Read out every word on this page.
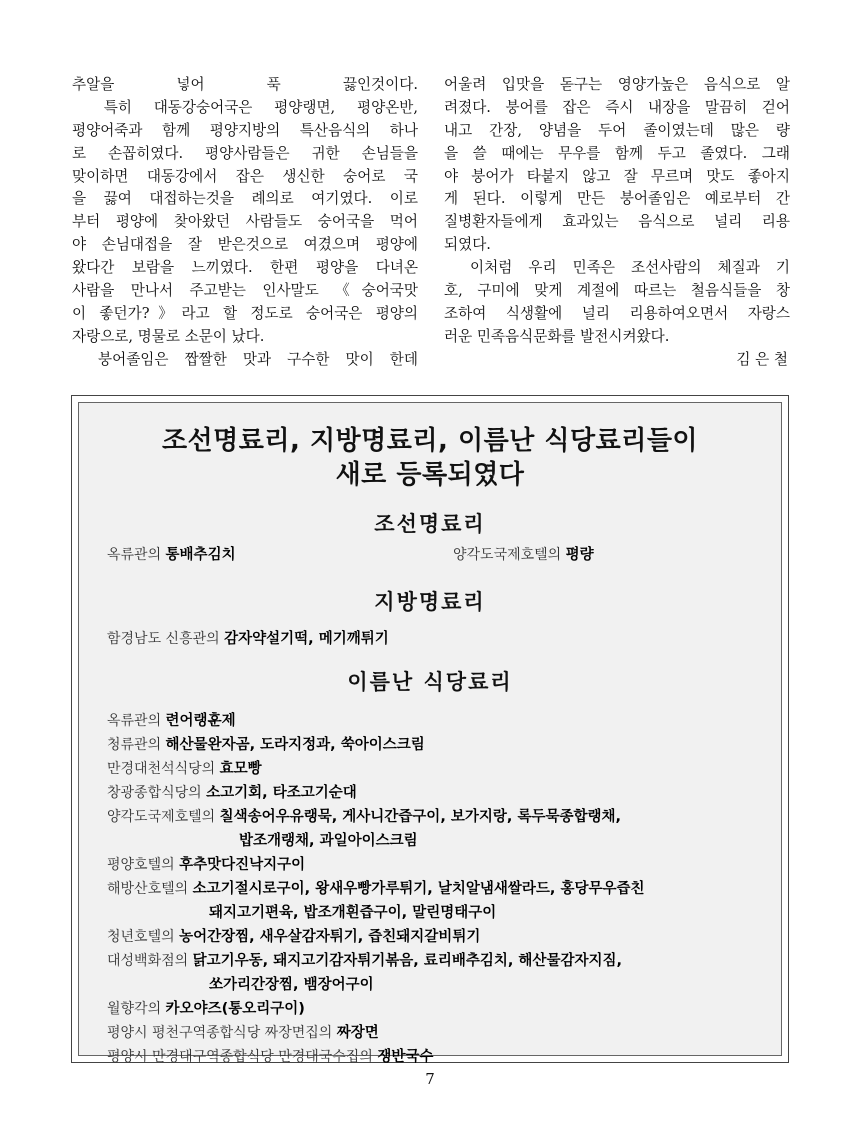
추알을 넣어 푹 끓인것이다.
　특히 대동강숭어국은 평양랭면, 평양온반,
평양어죽과 함께 평양지방의 특산음식의 하나
로 손꼽히였다. 평양사람들은 귀한 손님들을
맞이하면 대동강에서 잡은 생신한 숭어로 국
을 끓여 대접하는것을 례의로 여기였다. 이로
부터 평양에 찾아왔던 사람들도 숭어국을 먹어
야 손님대접을 잘 받은것으로 여겼으며 평양에
왔다간 보람을 느끼였다. 한편 평양을 다녀온
사람을 만나서 주고받는 인사말도 《숭어국맛
이 좋던가?》라고 할 정도로 숭어국은 평양의
자랑으로, 명물로 소문이 났다.
　붕어졸임은 짭짤한 맛과 구수한 맛이 한데
어울려 입맛을 돋구는 영양가높은 음식으로 알
려졌다. 붕어를 잡은 즉시 내장을 말끔히 걷어
내고 간장, 양념을 두어 졸이였는데 많은 량
을 쓸 때에는 무우를 함께 두고 졸였다. 그래
야 붕어가 타붙지 않고 잘 무르며 맛도 좋아지
게 된다. 이렇게 만든 붕어졸임은 예로부터 간
질병환자들에게 효과있는 음식으로 널리 리용
되였다.
　이처럼 우리 민족은 조선사람의 체질과 기
호, 구미에 맞게 계절에 따르는 철음식들을 창
조하여 식생활에 널리 리용하여오면서 자랑스
러운 민족음식문화를 발전시켜왔다.
김 은 철
조선명료리, 지방명료리, 이름난 식당료리들이
새로 등록되였다
조선명료리
옥류관의 통배추김치	양각도국제호텔의 평량
지방명료리
함경남도 신흥관의 감자약설기떡, 메기깨튀기
이름난 식당료리
옥류관의 련어랭훈제
청류관의 해산물완자곰, 도라지정과, 쑥아이스크림
만경대천석식당의 효모빵
창광종합식당의 소고기회, 타조고기순대
양각도국제호텔의 칠색송어우유랭묵, 게사니간즙구이, 보가지랑, 록두묵종합랭채,
밥조개랭채, 과일아이스크림
평양호텔의 후추맛다진낙지구이
해방산호텔의 소고기절시로구이, 왕새우빵가루튀기, 날치알냄새쌀라드, 홍당무우즙친
돼지고기편육, 밥조개흰즙구이, 말린명태구이
청년호텔의 농어간장찜, 새우살감자튀기, 즙친돼지갈비튀기
대성백화점의 닭고기우동, 돼지고기감자튀기볶음, 료리배추김치, 해산물감자지짐,
쏘가리간장찜, 뱀장어구이
월향각의 카오야즈(통오리구이)
평양시 평천구역종합식당 짜장면집의 짜장면
평양시 만경대구역종합식당 만경대국수집의 쟁반국수
7
